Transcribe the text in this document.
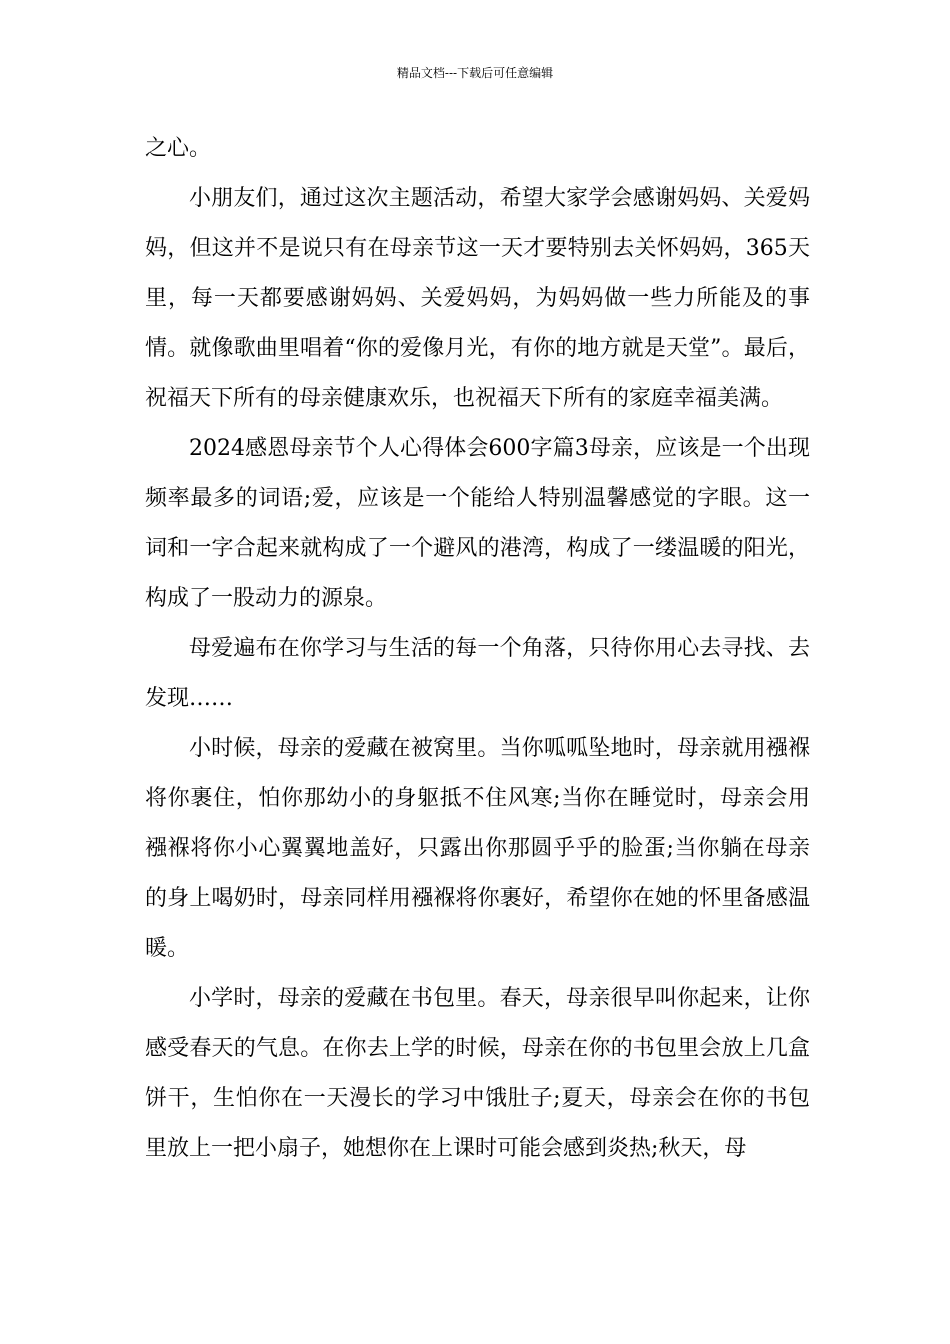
精品文档---下载后可任意编辑

之心。

小朋友们，通过这次主题活动，希望大家学会感谢妈妈、关爱妈妈，但这并不是说只有在母亲节这一天才要特别去关怀妈妈，365天里，每一天都要感谢妈妈、关爱妈妈，为妈妈做一些力所能及的事情。就像歌曲里唱着“你的爱像月光，有你的地方就是天堂”。最后，祝福天下所有的母亲健康欢乐，也祝福天下所有的家庭幸福美满。

2024感恩母亲节个人心得体会600字篇3母亲，应该是一个出现频率最多的词语;爱，应该是一个能给人特别温馨感觉的字眼。这一词和一字合起来就构成了一个避风的港湾，构成了一缕温暖的阳光，构成了一股动力的源泉。

母爱遍布在你学习与生活的每一个角落，只待你用心去寻找、去发现……

小时候，母亲的爱藏在被窝里。当你呱呱坠地时，母亲就用襁褓将你裹住，怕你那幼小的身躯抵不住风寒;当你在睡觉时，母亲会用襁褓将你小心翼翼地盖好，只露出你那圆乎乎的脸蛋;当你躺在母亲的身上喝奶时，母亲同样用襁褓将你裹好，希望你在她的怀里备感温暖。

小学时，母亲的爱藏在书包里。春天，母亲很早叫你起来，让你感受春天的气息。在你去上学的时候，母亲在你的书包里会放上几盒饼干，生怕你在一天漫长的学习中饿肚子;夏天，母亲会在你的书包里放上一把小扇子，她想你在上课时可能会感到炎热;秋天，母
